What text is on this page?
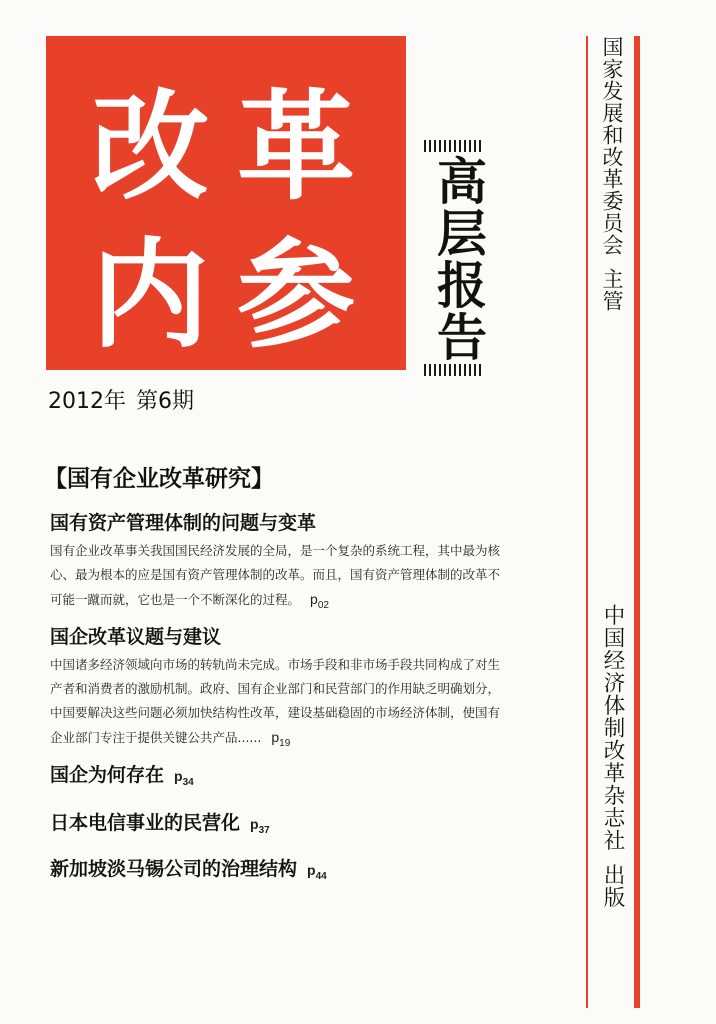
改 革
内 参 高层报告
2012年 第6期
【国有企业改革研究】
国有资产管理体制的问题与变革
国有企业改革事关我国国民经济发展的全局，是一个复杂的系统工程，其中最为核心、最为根本的应是国有资产管理体制的改革。而且，国有资产管理体制的改革不可能一蹴而就，它也是一个不断深化的过程。 $p_{02}$
国企改革议题与建议
中国诸多经济领域向市场的转轨尚未完成。市场手段和非市场手段共同构成了对生产者和消费者的激励机制。政府、国有企业部门和民营部门的作用缺乏明确划分，中国要解决这些问题必须加快结构性改革，建设基础稳固的市场经济体制，使国有企业部门专注于提供关键公共产品...... $p_{19}$
国企为何存在 $p_{34}$
日本电信事业的民营化 $p_{37}$
新加坡淡马锡公司的治理结构 $p_{44}$
国家发展和改革委员会主管
中国经济体制改革杂志社出版
